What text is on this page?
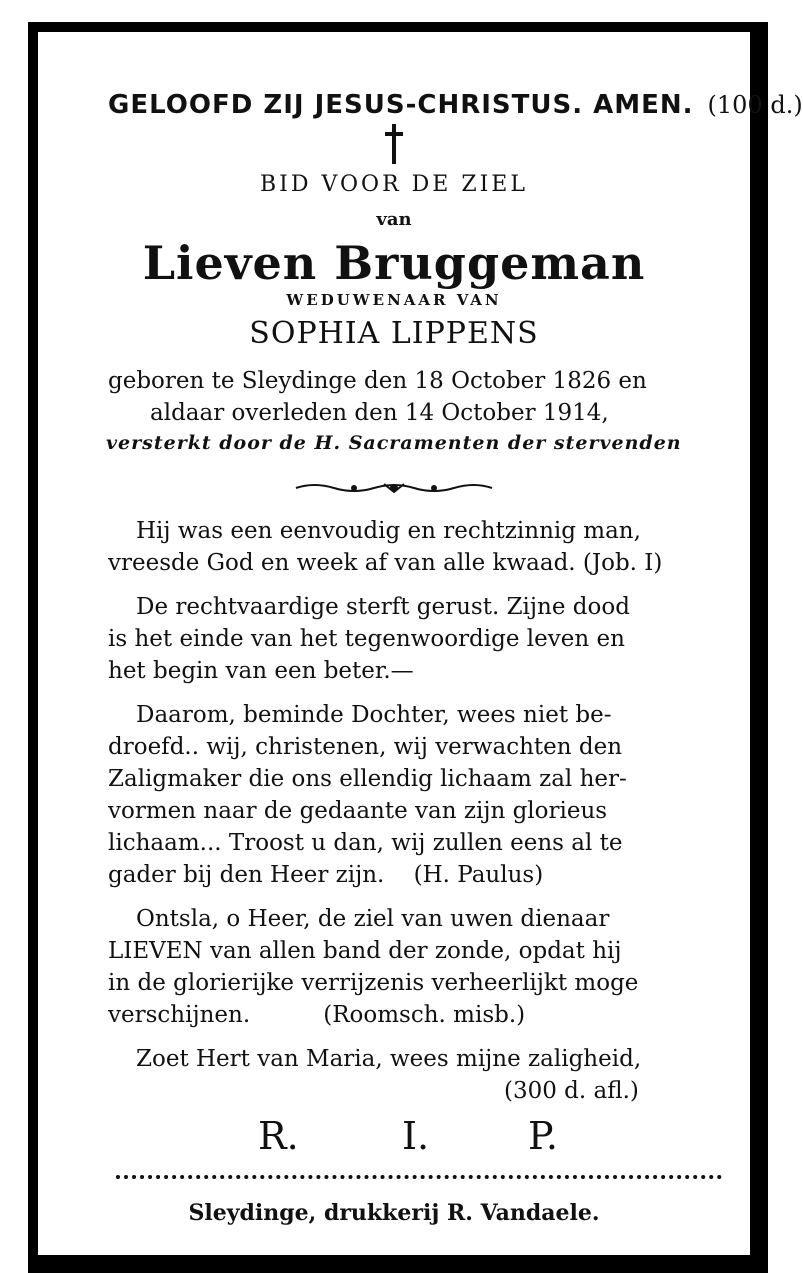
GELOOFD ZIJ JESUS-CHRISTUS. AMEN. (100 d.)
BID VOOR DE ZIEL
van
Lieven Bruggeman
WEDUWENAAR VAN
SOPHIA LIPPENS
geboren te Sleydinge den 18 October 1826 en
aldaar overleden den 14 October 1914,
versterkt door de H. Sacramenten der stervenden
Hij was een eenvoudig en rechtzinnig man,
vreesde God en week af van alle kwaad. (Job. I)
De rechtvaardige sterft gerust. Zijne dood
is het einde van het tegenwoordige leven en
het begin van een beter.—
Daarom, beminde Dochter, wees niet be-
droefd.. wij, christenen, wij verwachten den
Zaligmaker die ons ellendig lichaam zal her-
vormen naar de gedaante van zijn glorieus
lichaam... Troost u dan, wij zullen eens al te
gader bij den Heer zijn.    (H. Paulus)
Ontsla, o Heer, de ziel van uwen dienaar
LIEVEN van allen band der zonde, opdat hij
in de glorierijke verrijzenis verheerlijkt moge
verschijnen.          (Roomsch. misb.)
Zoet Hert van Maria, wees mijne zaligheid,
(300 d. afl.)
R.	I.	P.
Sleydinge, drukkerij R. Vandaele.
